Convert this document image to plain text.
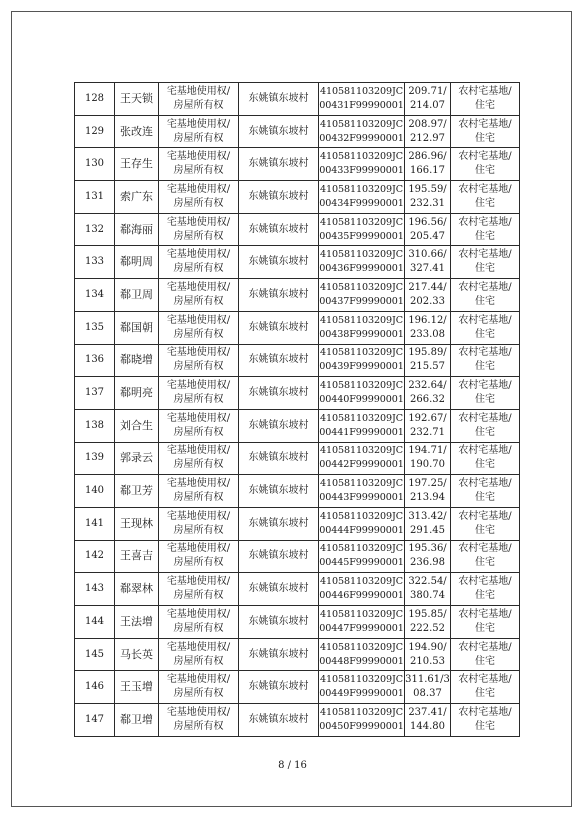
128	王天锁	宅基地使用权/
房屋所有权	东姚镇东坡村	410581103209JC
00431F99990001	209.71/
214.07	农村宅基地/
住宅

129	张改连	宅基地使用权/
房屋所有权	东姚镇东坡村	410581103209JC
00432F99990001	208.97/
212.97	农村宅基地/
住宅

130	王存生	宅基地使用权/
房屋所有权	东姚镇东坡村	410581103209JC
00433F99990001	286.96/
166.17	农村宅基地/
住宅

131	索广东	宅基地使用权/
房屋所有权	东姚镇东坡村	410581103209JC
00434F99990001	195.59/
232.31	农村宅基地/
住宅

132	郗海丽	宅基地使用权/
房屋所有权	东姚镇东坡村	410581103209JC
00435F99990001	196.56/
205.47	农村宅基地/
住宅

133	郗明周	宅基地使用权/
房屋所有权	东姚镇东坡村	410581103209JC
00436F99990001	310.66/
327.41	农村宅基地/
住宅

134	郗卫周	宅基地使用权/
房屋所有权	东姚镇东坡村	410581103209JC
00437F99990001	217.44/
202.33	农村宅基地/
住宅

135	郗国朝	宅基地使用权/
房屋所有权	东姚镇东坡村	410581103209JC
00438F99990001	196.12/
233.08	农村宅基地/
住宅

136	郗晓增	宅基地使用权/
房屋所有权	东姚镇东坡村	410581103209JC
00439F99990001	195.89/
215.57	农村宅基地/
住宅

137	郗明亮	宅基地使用权/
房屋所有权	东姚镇东坡村	410581103209JC
00440F99990001	232.64/
266.32	农村宅基地/
住宅

138	刘合生	宅基地使用权/
房屋所有权	东姚镇东坡村	410581103209JC
00441F99990001	192.67/
232.71	农村宅基地/
住宅

139	郭录云	宅基地使用权/
房屋所有权	东姚镇东坡村	410581103209JC
00442F99990001	194.71/
190.70	农村宅基地/
住宅

140	郗卫芳	宅基地使用权/
房屋所有权	东姚镇东坡村	410581103209JC
00443F99990001	197.25/
213.94	农村宅基地/
住宅

141	王现林	宅基地使用权/
房屋所有权	东姚镇东坡村	410581103209JC
00444F99990001	313.42/
291.45	农村宅基地/
住宅

142	王喜吉	宅基地使用权/
房屋所有权	东姚镇东坡村	410581103209JC
00445F99990001	195.36/
236.98	农村宅基地/
住宅

143	郗翠林	宅基地使用权/
房屋所有权	东姚镇东坡村	410581103209JC
00446F99990001	322.54/
380.74	农村宅基地/
住宅

144	王法增	宅基地使用权/
房屋所有权	东姚镇东坡村	410581103209JC
00447F99990001	195.85/
222.52	农村宅基地/
住宅

145	马长英	宅基地使用权/
房屋所有权	东姚镇东坡村	410581103209JC
00448F99990001	194.90/
210.53	农村宅基地/
住宅

146	王玉增	宅基地使用权/
房屋所有权	东姚镇东坡村	410581103209JC
00449F99990001	311.61/3
08.37	农村宅基地/
住宅

147	郗卫增	宅基地使用权/
房屋所有权	东姚镇东坡村	410581103209JC
00450F99990001	237.41/
144.80	农村宅基地/
住宅
8 / 16
